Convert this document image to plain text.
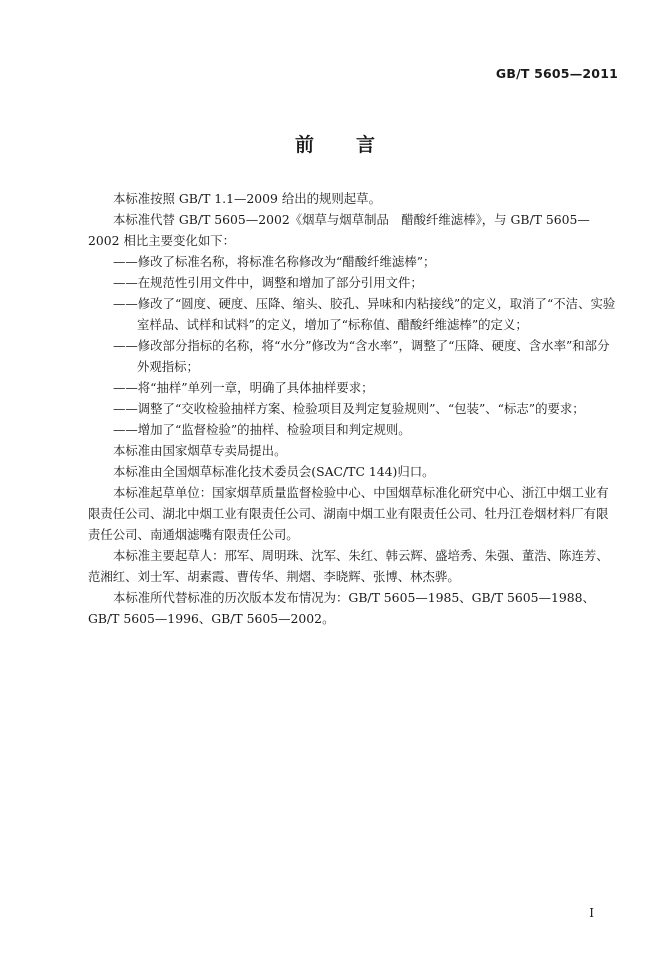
GB/T 5605—2011
前言

本标准按照 GB/T 1.1—2009 给出的规则起草。

本标准代替 GB/T 5605—2002《烟草与烟草制品　醋酸纤维滤棒》，与 GB/T 5605—2002 相比主要变化如下：

——修改了标准名称，将标准名称修改为“醋酸纤维滤棒”；

——在规范性引用文件中，调整和增加了部分引用文件；

——修改了“圆度、硬度、压降、缩头、胶孔、异味和内粘接线”的定义，取消了“不洁、实验室样品、试样和试料”的定义，增加了“标称值、醋酸纤维滤棒”的定义；

——修改部分指标的名称，将“水分”修改为“含水率”，调整了“压降、硬度、含水率”和部分外观指标；

——将“抽样”单列一章，明确了具体抽样要求；

——调整了“交收检验抽样方案、检验项目及判定复验规则”、“包装”、“标志”的要求；

——增加了“监督检验”的抽样、检验项目和判定规则。

本标准由国家烟草专卖局提出。

本标准由全国烟草标准化技术委员会(SAC/TC 144)归口。

本标准起草单位：国家烟草质量监督检验中心、中国烟草标准化研究中心、浙江中烟工业有限责任公司、湖北中烟工业有限责任公司、湖南中烟工业有限责任公司、牡丹江卷烟材料厂有限责任公司、南通烟滤嘴有限责任公司。

本标准主要起草人：邢军、周明珠、沈军、朱红、韩云辉、盛培秀、朱强、董浩、陈连芳、范湘红、刘士军、胡素霞、曹传华、荆熠、李晓辉、张博、林杰骅。

本标准所代替标准的历次版本发布情况为：GB/T 5605—1985、GB/T 5605—1988、GB/T 5605—1996、GB/T 5605—2002。

I
